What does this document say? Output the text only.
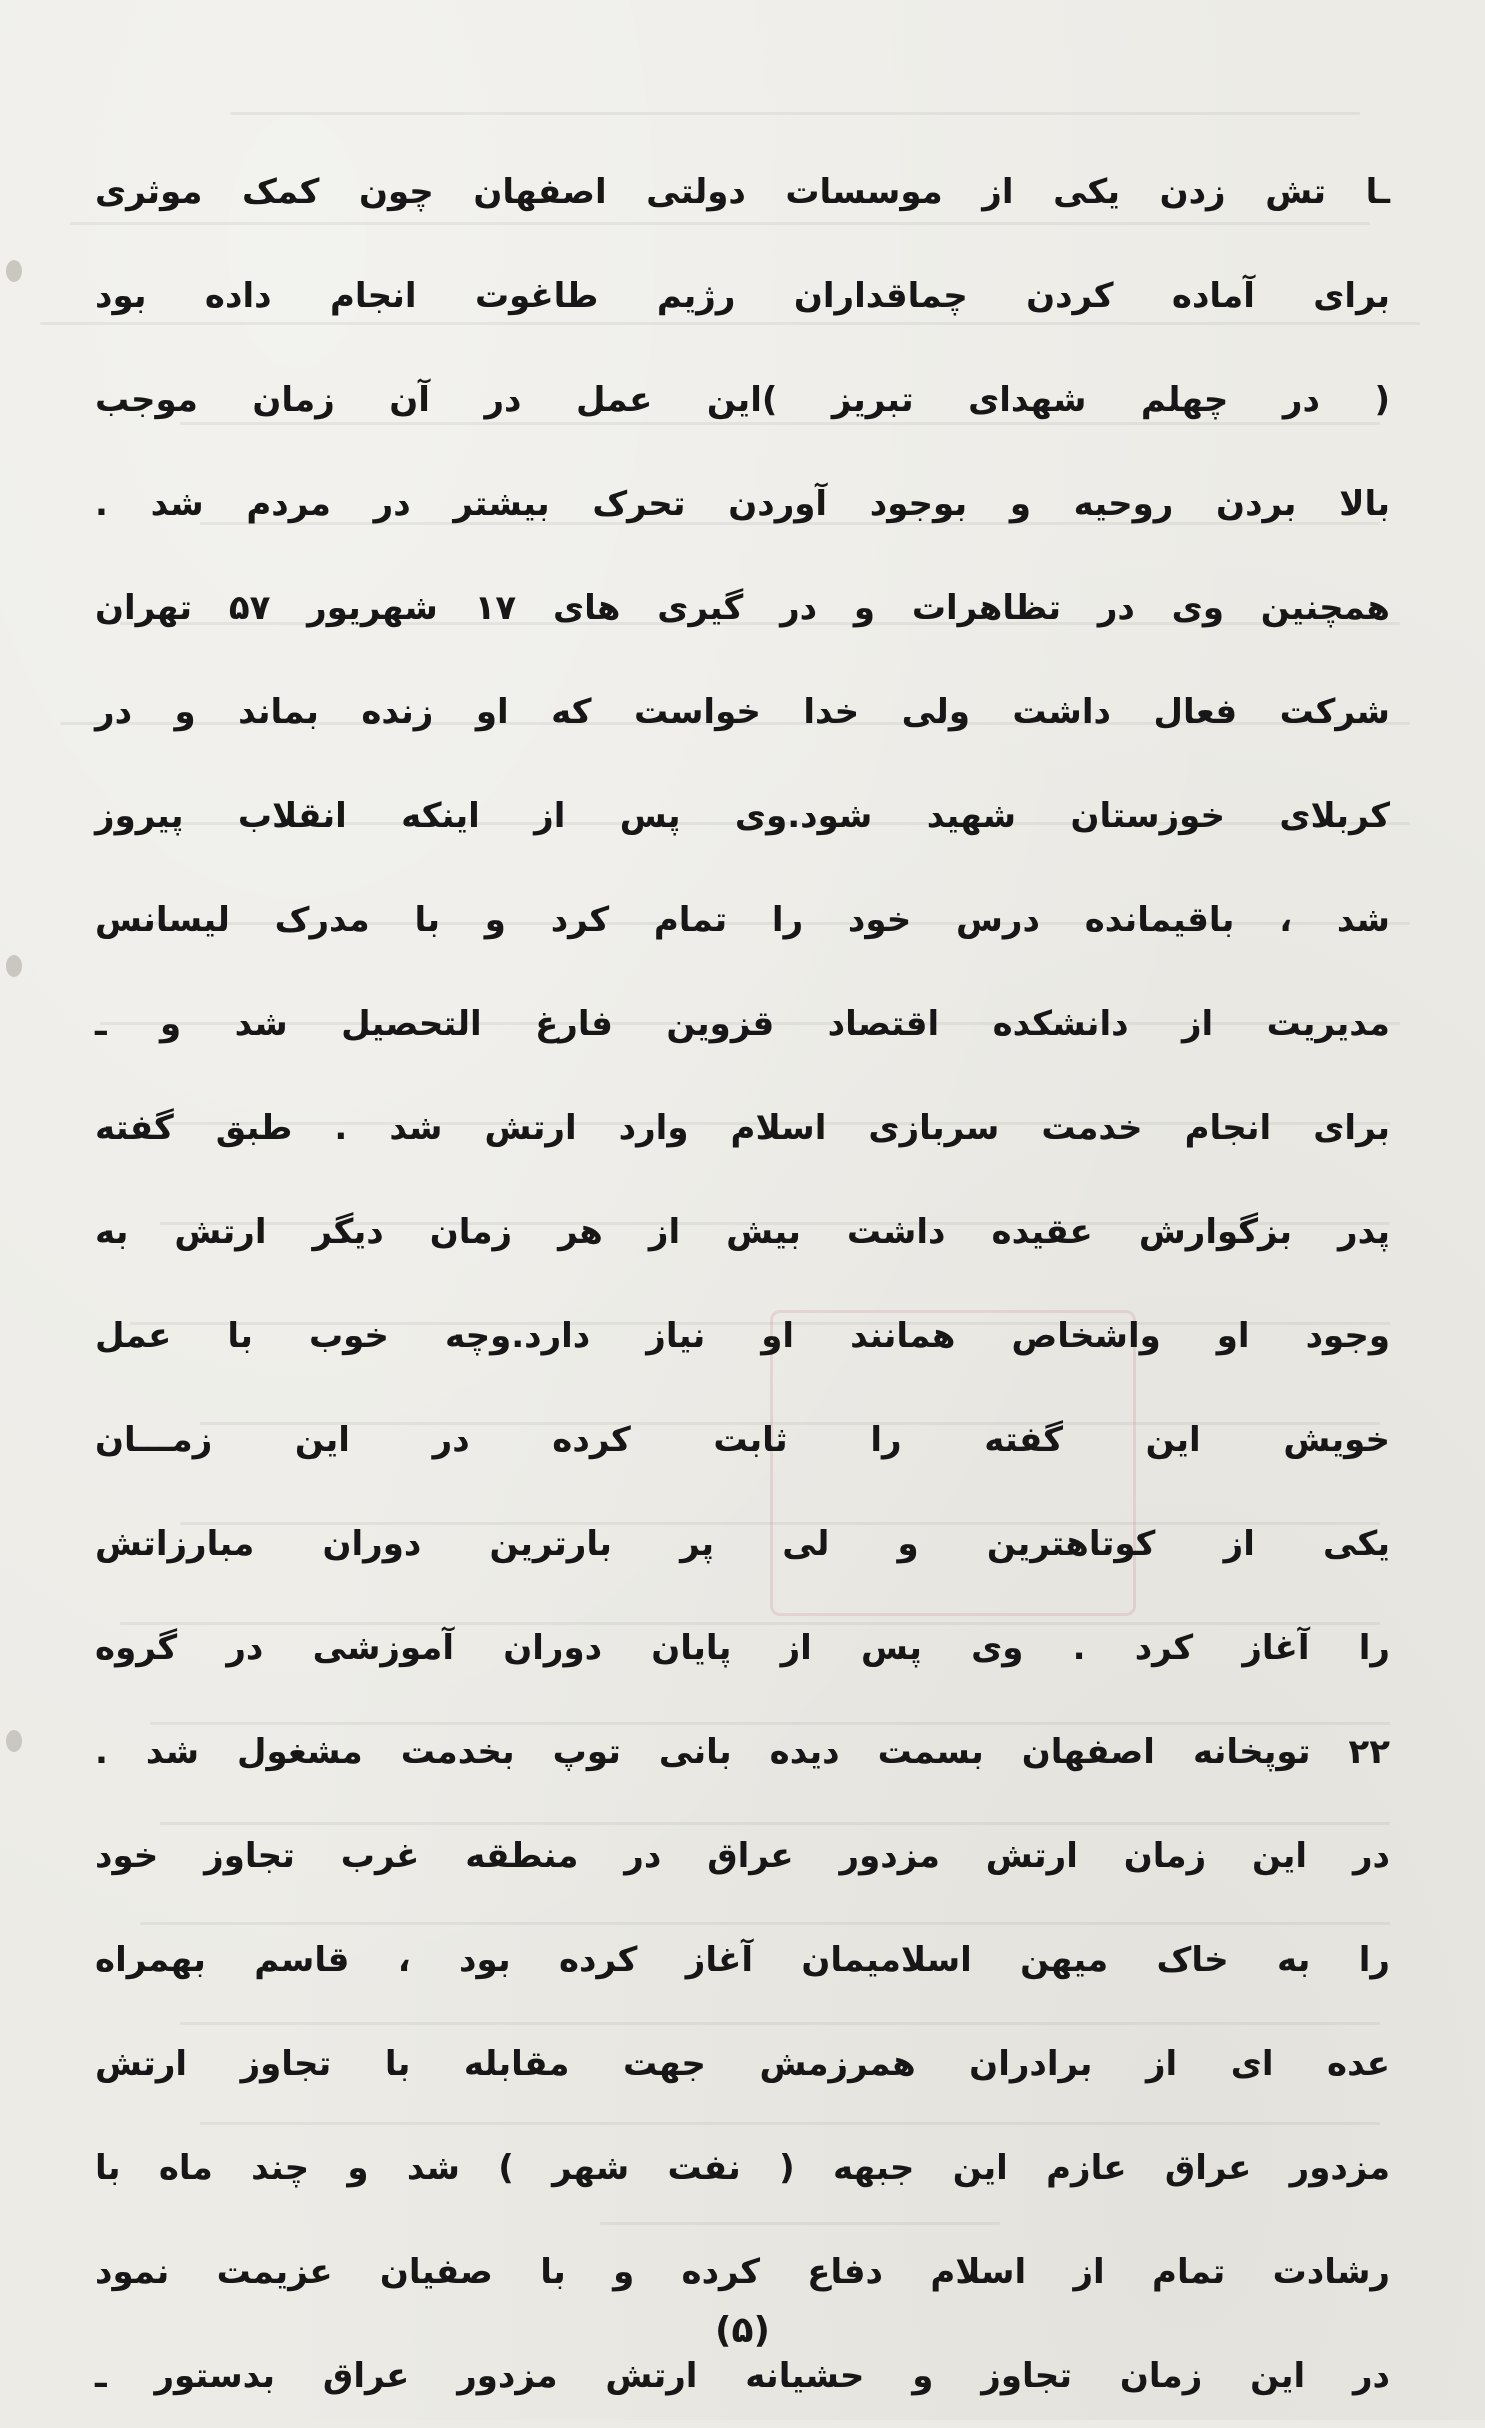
ـا تش زدن یکی از موسسات دولتی اصفهان چون کمک موثری
برای آماده کردن چماقداران رژیم طاغوت انجام داده بود
( در چهلم شهدای تبریز )این عمل در آن زمان موجب
بالا بردن روحیه و بوجود آوردن تحرک بیشتر در مردم شد .
همچنین وی در تظاهرات و در گیری های ۱۷ شهریور ۵۷ تهران
شرکت فعال داشت ولی خدا خواست که او زنده بماند و در
کربلای خوزستان شهید شود.وی پس از اینکه انقلاب پیروز
شد ، باقیمانده درس خود را تمام کرد و با مدرک لیسانس
مدیریت از دانشکده اقتصاد قزوین فارغ التحصیل شد و ـ
برای انجام خدمت سربازی اسلام وارد ارتش شد . طبق گفته
پدر بزگوارش عقیده داشت بیش از هر زمان دیگر ارتش به
وجود او واشخاص همانند او نیاز دارد.وچه خوب با عمل
خویش این گفته را ثابت کرده در این زمـــان
یکی از کوتاهترین و لی پر بارترین دوران مبارزاتش
را آغاز کرد . وی پس از پایان دوران آموزشی در گروه
۲۲ توپخانه اصفهان بسمت دیده بانی توپ بخدمت مشغول شد .
در این زمان ارتش مزدور عراق در منطقه غرب تجاوز خود
را به خاک میهن اسلامیمان آغاز کرده بود ، قاسم بهمراه
عده ای از برادران همرزمش جهت مقابله با تجاوز ارتش
مزدور عراق عازم این جبهه ( نفت شهر ) شد و چند ماه با
رشادت تمام از اسلام دفاع کرده و با صفیان عزیمت نمود
در این زمان تجاوز و حشیانه ارتش مزدور عراق بدستور ـ
(۵)
